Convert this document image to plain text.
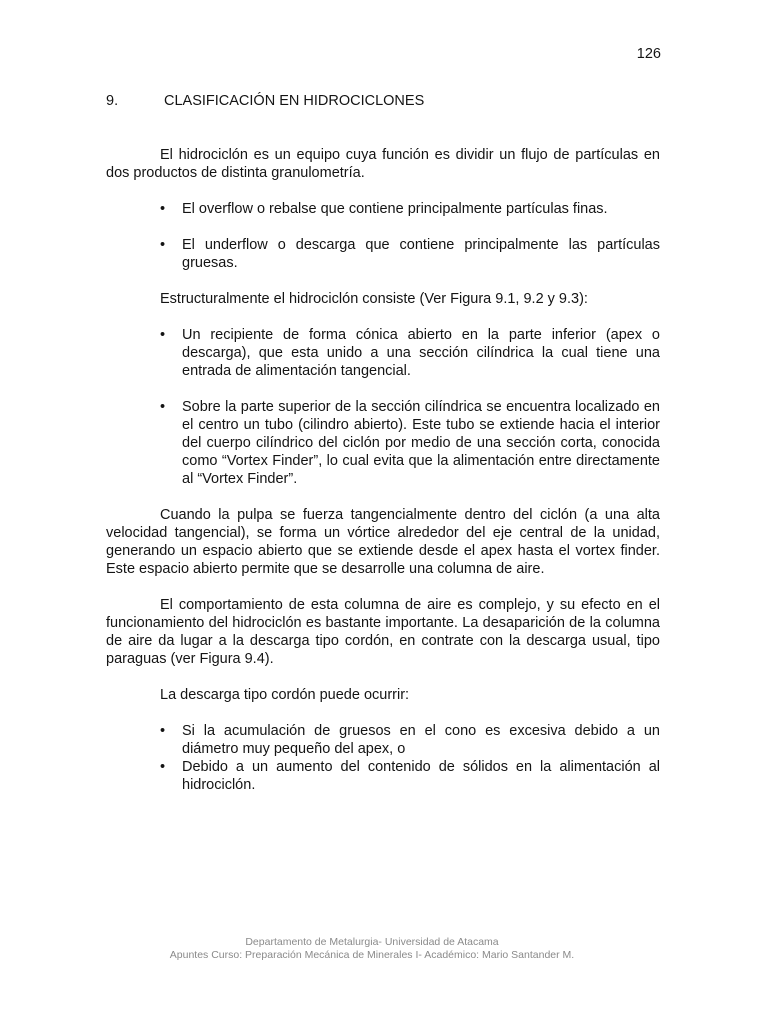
126
9.	CLASIFICACIÓN EN HIDROCICLONES

El hidrociclón es un equipo cuya función es dividir un flujo de partículas en dos productos de distinta granulometría.

• El overflow o rebalse que contiene principalmente partículas finas.
• El underflow o descarga que contiene principalmente las partículas gruesas.

Estructuralmente el hidrociclón consiste (Ver Figura 9.1, 9.2 y 9.3):

• Un recipiente de forma cónica abierto en la parte inferior (apex o descarga), que esta unido a una sección cilíndrica la cual tiene una entrada de alimentación tangencial.
• Sobre la parte superior de la sección cilíndrica se encuentra localizado en el centro un tubo (cilindro abierto). Este tubo se extiende hacia el interior del cuerpo cilíndrico del ciclón por medio de una sección corta, conocida como “Vortex Finder”, lo cual evita que la alimentación entre directamente al “Vortex Finder”.

Cuando la pulpa se fuerza tangencialmente dentro del ciclón (a una alta velocidad tangencial), se forma un vórtice alrededor del eje central de la unidad, generando un espacio abierto que se extiende desde el apex hasta el vortex finder. Este espacio abierto permite que se desarrolle una columna de aire.

El comportamiento de esta columna de aire es complejo, y su efecto en el funcionamiento del hidrociclón es bastante importante. La desaparición de la columna de aire da lugar a la descarga tipo cordón, en contrate con la descarga usual, tipo paraguas (ver Figura 9.4).

La descarga tipo cordón puede ocurrir:

• Si la acumulación de gruesos en el cono es excesiva debido a un diámetro muy pequeño del apex, o
• Debido a un aumento del contenido de sólidos en la alimentación al hidrociclón.
Departamento de Metalurgia- Universidad de Atacama
Apuntes Curso: Preparación Mecánica de Minerales I- Académico: Mario Santander M.
